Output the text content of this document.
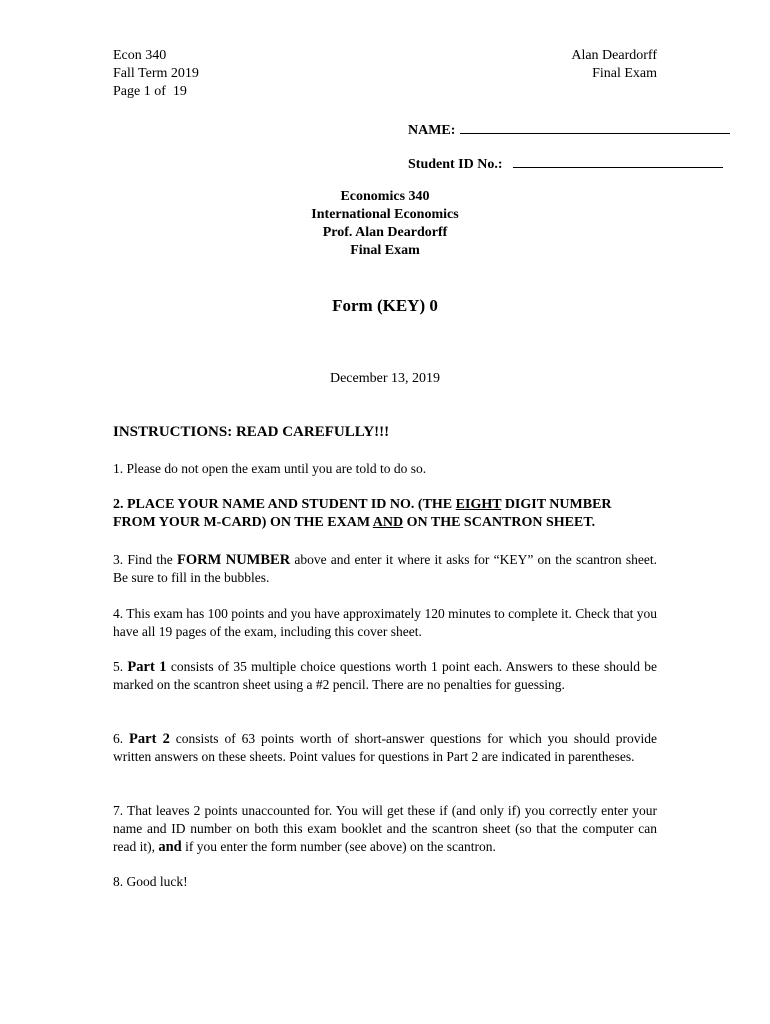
Econ 340
Fall Term 2019
Page 1 of  19
Alan Deardorff
Final Exam
NAME:
Student ID No.:
Economics 340
International Economics
Prof. Alan Deardorff
Final Exam
Form (KEY) 0
December 13, 2019
INSTRUCTIONS: READ CAREFULLY!!!
1. Please do not open the exam until you are told to do so.
2. PLACE YOUR NAME AND STUDENT ID NO. (THE EIGHT DIGIT NUMBER FROM YOUR M-CARD) ON THE EXAM AND ON THE SCANTRON SHEET.
3. Find the FORM NUMBER above and enter it where it asks for “KEY” on the scantron sheet. Be sure to fill in the bubbles.
4. This exam has 100 points and you have approximately 120 minutes to complete it. Check that you have all 19 pages of the exam, including this cover sheet.
5. Part 1 consists of 35 multiple choice questions worth 1 point each. Answers to these should be marked on the scantron sheet using a #2 pencil. There are no penalties for guessing.
6. Part 2 consists of 63 points worth of short-answer questions for which you should provide written answers on these sheets. Point values for questions in Part 2 are indicated in parentheses.
7. That leaves 2 points unaccounted for. You will get these if (and only if) you correctly enter your name and ID number on both this exam booklet and the scantron sheet (so that the computer can read it), and if you enter the form number (see above) on the scantron.
8. Good luck!
